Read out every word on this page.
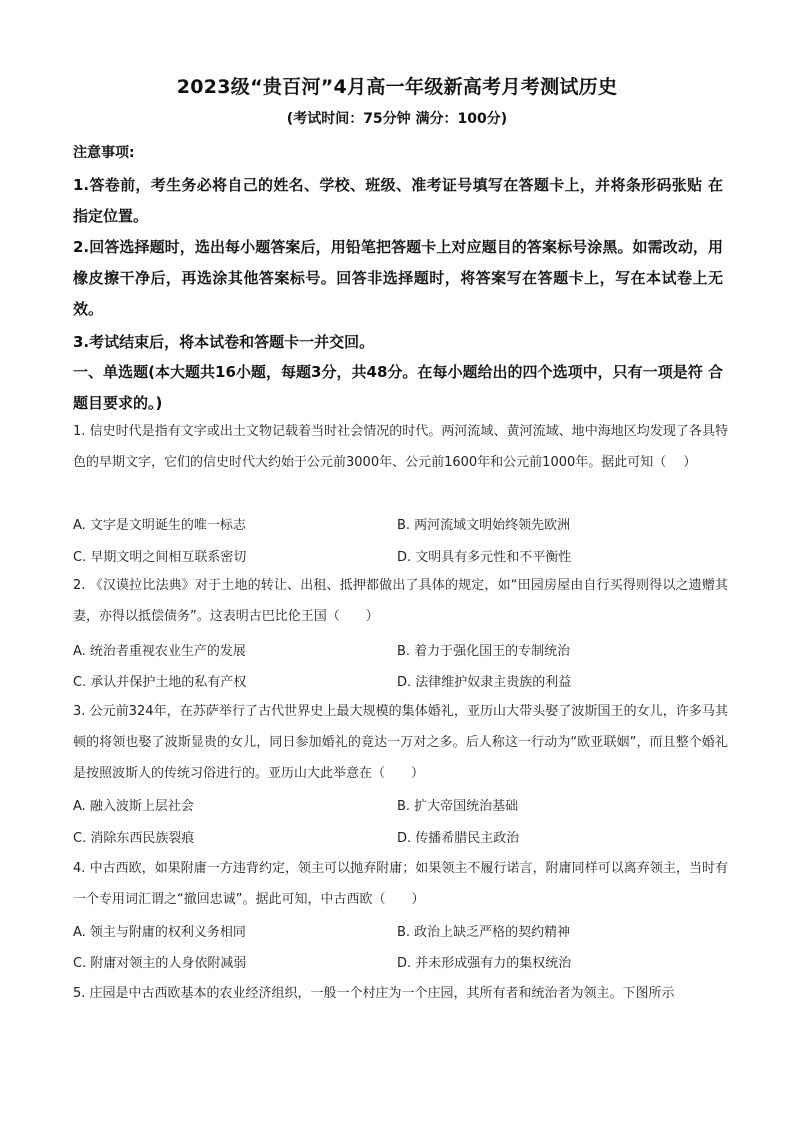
2023级“贵百河”4月高一年级新高考月考测试历史
(考试时间：75分钟 满分：100分)
注意事项:
1.答卷前，考生务必将自己的姓名、学校、班级、准考证号填写在答题卡上，并将条形码张贴 在指定位置。
2.回答选择题时，选出每小题答案后，用铅笔把答题卡上对应题目的答案标号涂黑。如需改动，用橡皮擦干净后，再选涂其他答案标号。回答非选择题时，将答案写在答题卡上，写在本试卷上无效。
3.考试结束后，将本试卷和答题卡一并交回。
一、单选题(本大题共16小题，每题3分，共48分。在每小题给出的四个选项中，只有一项是符 合题目要求的。)
1. 信史时代是指有文字或出土文物记载着当时社会情况的时代。两河流域、黄河流域、地中海地区均发现了各具特色的早期文字，它们的信史时代大约始于公元前3000年、公元前1600年和公元前1000年。据此可知（　 ）
A. 文字是文明诞生的唯一标志	B. 两河流域文明始终领先欧洲
C. 早期文明之间相互联系密切	D. 文明具有多元性和不平衡性
2. 《汉谟拉比法典》对于土地的转让、出租、抵押都做出了具体的规定，如“田园房屋由自行买得则得以之遗赠其妻，亦得以抵偿债务”。这表明古巴比伦王国（　　）
A. 统治者重视农业生产的发展	B. 着力于强化国王的专制统治
C. 承认并保护土地的私有产权	D. 法律维护奴隶主贵族的利益
3. 公元前324年，在苏萨举行了古代世界史上最大规模的集体婚礼，亚历山大带头娶了波斯国王的女儿，许多马其顿的将领也娶了波斯显贵的女儿，同日参加婚礼的竟达一万对之多。后人称这一行动为“欧亚联姻”，而且整个婚礼是按照波斯人的传统习俗进行的。亚历山大此举意在（　　）
A. 融入波斯上层社会	B. 扩大帝国统治基础
C. 消除东西民族裂痕	D. 传播希腊民主政治
4. 中古西欧，如果附庸一方违背约定，领主可以抛弃附庸；如果领主不履行诺言，附庸同样可以离弃领主，当时有一个专用词汇谓之“撤回忠诚”。据此可知，中古西欧（　　）
A. 领主与附庸的权利义务相同	B. 政治上缺乏严格的契约精神
C. 附庸对领主的人身依附减弱	D. 并未形成强有力的集权统治
5. 庄园是中古西欧基本的农业经济组织，一般一个村庄为一个庄园，其所有者和统治者为领主。下图所示
